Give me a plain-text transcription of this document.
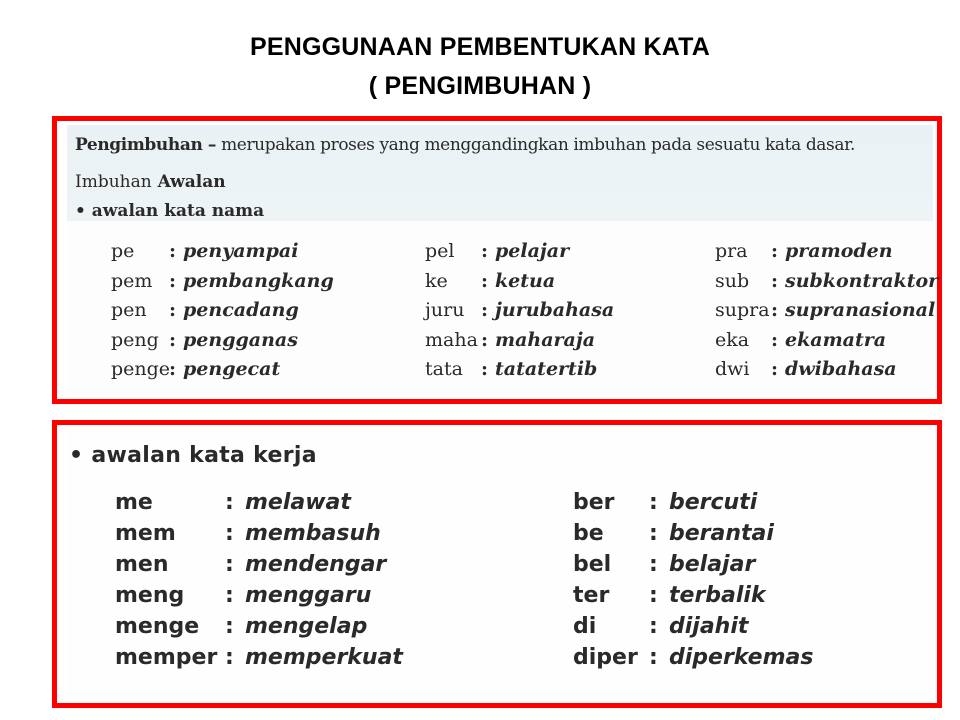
PENGGUNAAN PEMBENTUKAN KATA
( PENGIMBUHAN )
Pengimbuhan – merupakan proses yang menggandingkan imbuhan pada sesuatu kata dasar.
Imbuhan Awalan
• awalan kata nama
pe : penyampai
pem : pembangkang
pen : pencadang
peng : pengganas
penge: pengecat
pel : pelajar
ke : ketua
juru : jurubahasa
maha : maharaja
tata : tatatertib
pra : pramoden
sub : subkontraktor
supra: supranasional
eka : ekamatra
dwi : dwibahasa
• awalan kata kerja
me	: melawat
mem : membasuh
men	: mendengar
meng : menggaru
menge : mengelap
memper : memperkuat
ber : bercuti
be : berantai
bel : belajar
ter : terbalik
di : dijahit
diper : diperkemas
